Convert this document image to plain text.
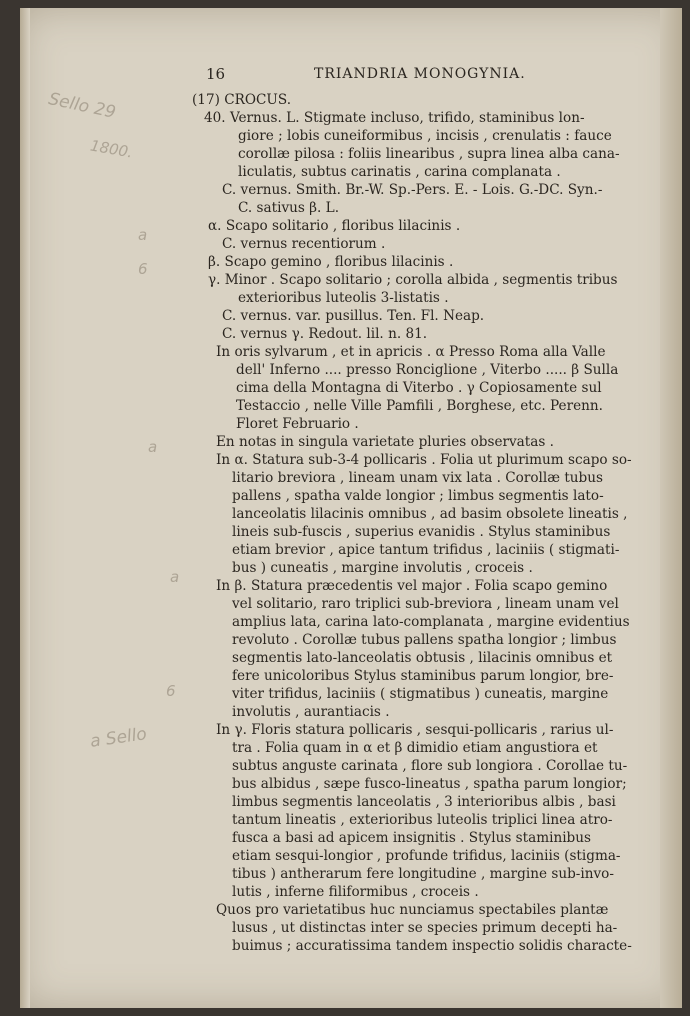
16	TRIANDRIA MONOGYNIA.
Sello 29
1800.
a
6
a
a
6
a Sello
(17) CROCUS.
40. Vernus. L. Stigmate incluso, trifido, staminibus lon-
giore ; lobis cuneiformibus , incisis , crenulatis : fauce
corollæ pilosa : foliis linearibus , supra linea alba cana-
liculatis, subtus carinatis , carina complanata .
C. vernus. Smith. Br.-W. Sp.-Pers. E. - Lois. G.-DC. Syn.-
C. sativus β. L.
α. Scapo solitario , floribus lilacinis .
C. vernus recentiorum .
β. Scapo gemino , floribus lilacinis .
γ. Minor . Scapo solitario ; corolla albida , segmentis tribus
exterioribus luteolis 3-listatis .
C. vernus. var. pusillus. Ten. Fl. Neap.
C. vernus γ. Redout. lil. n. 81.
In oris sylvarum , et in apricis . α Presso Roma alla Valle
dell' Inferno .... presso Ronciglione , Viterbo ..... β Sulla
cima della Montagna di Viterbo . γ Copiosamente sul
Testaccio , nelle Ville Pamfili , Borghese, etc. Perenn.
Floret Februario .
En notas in singula varietate pluries observatas .
In α. Statura sub-3-4 pollicaris . Folia ut plurimum scapo so-
litario breviora , lineam unam vix lata . Corollæ tubus
pallens , spatha valde longior ; limbus segmentis lato-
lanceolatis lilacinis omnibus , ad basim obsolete lineatis ,
lineis sub-fuscis , superius evanidis . Stylus staminibus
etiam brevior , apice tantum trifidus , laciniis ( stigmati-
bus ) cuneatis , margine involutis , croceis .
In β. Statura præcedentis vel major . Folia scapo gemino
vel solitario, raro triplici sub-breviora , lineam unam vel
amplius lata, carina lato-complanata , margine evidentius
revoluto . Corollæ tubus pallens spatha longior ; limbus
segmentis lato-lanceolatis obtusis , lilacinis omnibus et
fere unicoloribus Stylus staminibus parum longior, bre-
viter trifidus, laciniis ( stigmatibus ) cuneatis, margine
involutis , aurantiacis .
In γ. Floris statura pollicaris , sesqui-pollicaris , rarius ul-
tra . Folia quam in α et β dimidio etiam angustiora et
subtus anguste carinata , flore sub longiora . Corollae tu-
bus albidus , sæpe fusco-lineatus , spatha parum longior;
limbus segmentis lanceolatis , 3 interioribus albis , basi
tantum lineatis , exterioribus luteolis triplici linea atro-
fusca a basi ad apicem insignitis . Stylus staminibus
etiam sesqui-longior , profunde trifidus, laciniis (stigma-
tibus ) antherarum fere longitudine , margine sub-invo-
lutis , inferne filiformibus , croceis .
Quos pro varietatibus huc nunciamus spectabiles plantæ
lusus , ut distinctas inter se species primum decepti ha-
buimus ; accuratissima tandem inspectio solidis characte-
